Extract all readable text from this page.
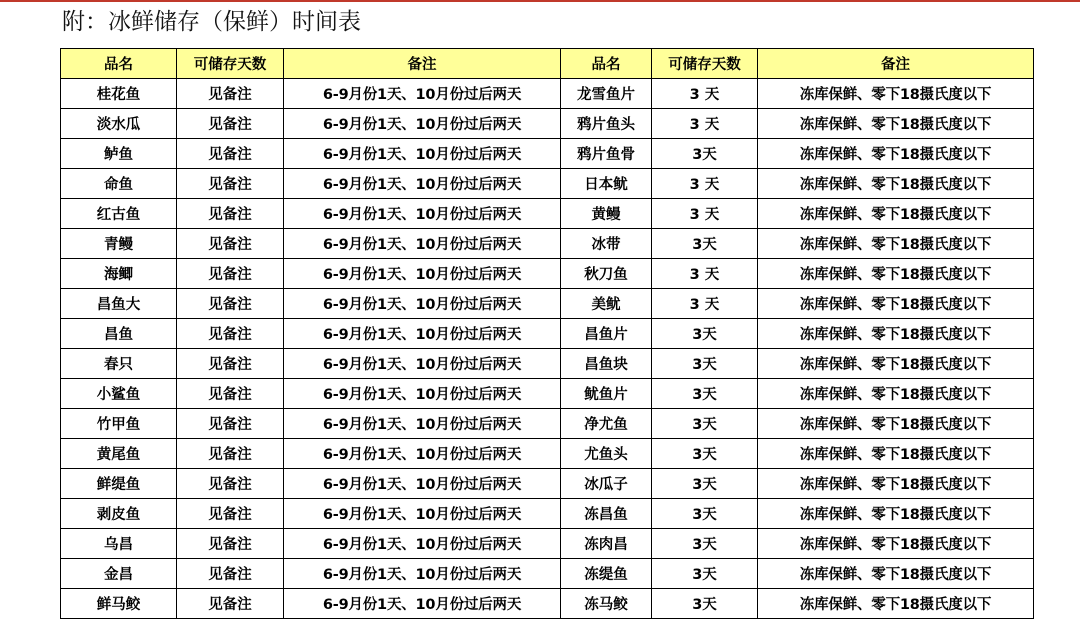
附：冰鲜储存（保鲜）时间表
品名	可储存天数	备注	品名	可储存天数	备注
桂花鱼	见备注	6-9月份1天、10月份过后两天	龙雪鱼片	3 天	冻库保鲜、零下18摄氏度以下
淡水瓜	见备注	6-9月份1天、10月份过后两天	鸦片鱼头	3 天	冻库保鲜、零下18摄氏度以下
鲈鱼	见备注	6-9月份1天、10月份过后两天	鸦片鱼骨	3天	冻库保鲜、零下18摄氏度以下
命鱼	见备注	6-9月份1天、10月份过后两天	日本鱿	3 天	冻库保鲜、零下18摄氏度以下
红古鱼	见备注	6-9月份1天、10月份过后两天	黄鳗	3 天	冻库保鲜、零下18摄氏度以下
青鳗	见备注	6-9月份1天、10月份过后两天	冰带	3天	冻库保鲜、零下18摄氏度以下
海鲫	见备注	6-9月份1天、10月份过后两天	秋刀鱼	3 天	冻库保鲜、零下18摄氏度以下
昌鱼大	见备注	6-9月份1天、10月份过后两天	美鱿	3 天	冻库保鲜、零下18摄氏度以下
昌鱼	见备注	6-9月份1天、10月份过后两天	昌鱼片	3天	冻库保鲜、零下18摄氏度以下
春只	见备注	6-9月份1天、10月份过后两天	昌鱼块	3天	冻库保鲜、零下18摄氏度以下
小鲨鱼	见备注	6-9月份1天、10月份过后两天	鱿鱼片	3天	冻库保鲜、零下18摄氏度以下
竹甲鱼	见备注	6-9月份1天、10月份过后两天	净尤鱼	3天	冻库保鲜、零下18摄氏度以下
黄尾鱼	见备注	6-9月份1天、10月份过后两天	尤鱼头	3天	冻库保鲜、零下18摄氏度以下
鲜缇鱼	见备注	6-9月份1天、10月份过后两天	冰瓜子	3天	冻库保鲜、零下18摄氏度以下
剥皮鱼	见备注	6-9月份1天、10月份过后两天	冻昌鱼	3天	冻库保鲜、零下18摄氏度以下
乌昌	见备注	6-9月份1天、10月份过后两天	冻肉昌	3天	冻库保鲜、零下18摄氏度以下
金昌	见备注	6-9月份1天、10月份过后两天	冻缇鱼	3天	冻库保鲜、零下18摄氏度以下
鲜马鲛	见备注	6-9月份1天、10月份过后两天	冻马鲛	3天	冻库保鲜、零下18摄氏度以下
